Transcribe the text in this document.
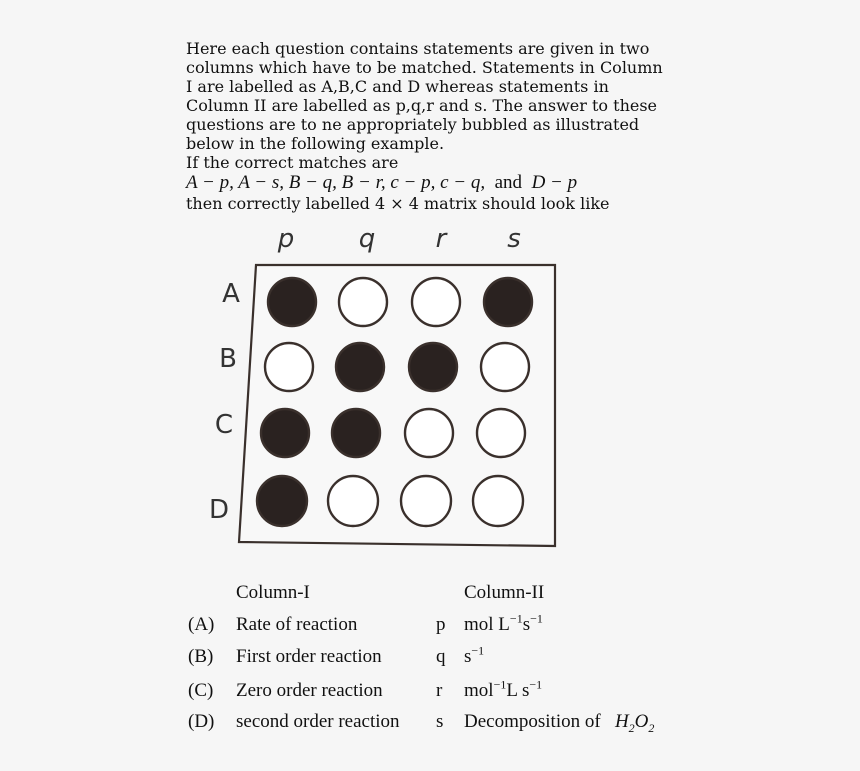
Here each question contains statements are given in two

columns which have to be matched. Statements in Column

I are labelled as A,B,C and D whereas statements in

Column II are labelled as p,q,r and s. The answer to these

questions are to ne appropriately bubbled as illustrated

below in the following example.

If the correct matches are

A − p, A − s, B − q, B − r, c − p, c − q, and D − p

then correctly labelled 4 × 4 matrix should look like

p q r s
A
B
C
D
Column-I	Column-II
(A) Rate of reaction	p mol $L^{-1}s^{-1}$
(B) First order reaction	q $s^{-1}$
(C) Zero order reaction	r mol$^{-1}$L $s^{-1}$
(D) second order reaction s Decomposition of $H_2O_2$
